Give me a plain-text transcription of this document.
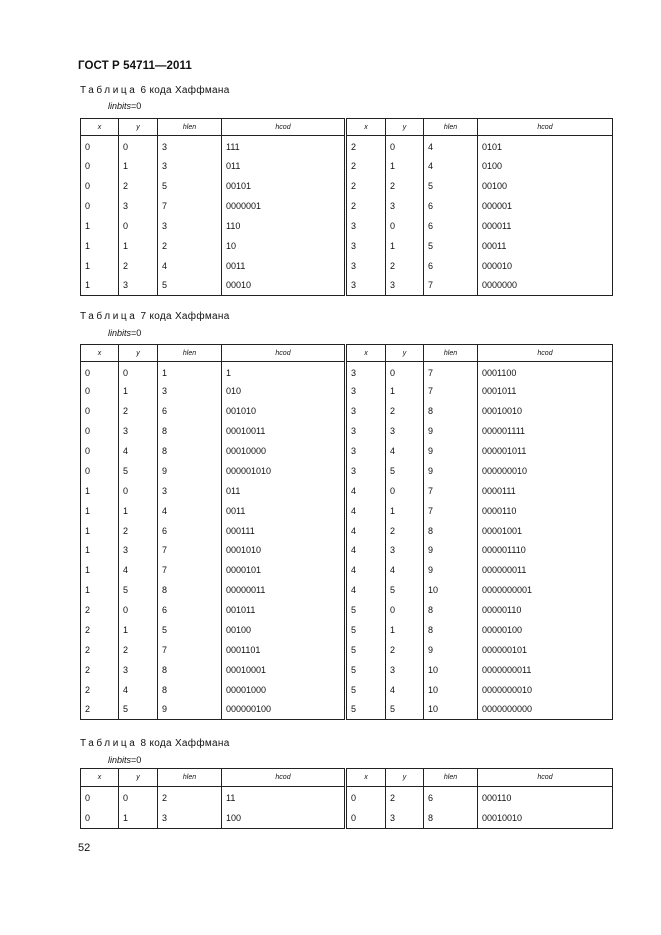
ГОСТ Р 54711—2011
Таблица 6 кода Хаффмана
linbits=0
x	y	hlen	hcod
0	0	3	111
0	1	3	011
0	2	5	00101
0	3	7	0000001
1	0	3	110
1	1	2	10
1	2	4	0011
1	3	5	00010
x	y	hlen	hcod
2	0	4	0101
2	1	4	0100
2	2	5	00100
2	3	6	000001
3	0	6	000011
3	1	5	00011
3	2	6	000010
3	3	7	0000000
Таблица 7 кода Хаффмана
linbits=0
x	y	hlen	hcod
0	0	1	1
0	1	3	010
0	2	6	001010
0	3	8	00010011
0	4	8	00010000
0	5	9	000001010
1	0	3	011
1	1	4	0011
1	2	6	000111
1	3	7	0001010
1	4	7	0000101
1	5	8	00000011
2	0	6	001011
2	1	5	00100
2	2	7	0001101
2	3	8	00010001
2	4	8	00001000
2	5	9	000000100
x	y	hlen	hcod
3	0	7	0001100
3	1	7	0001011
3	2	8	00010010
3	3	9	000001111
3	4	9	000001011
3	5	9	000000010
4	0	7	0000111
4	1	7	0000110
4	2	8	00001001
4	3	9	000001110
4	4	9	000000011
4	5	10	0000000001
5	0	8	00000110
5	1	8	00000100
5	2	9	000000101
5	3	10	0000000011
5	4	10	0000000010
5	5	10	0000000000
Таблица 8 кода Хаффмана
linbits=0
x	y	hlen	hcod
0	0	2	11
0	1	3	100
x	y	hlen	hcod
0	2	6	000110
0	3	8	00010010
52
